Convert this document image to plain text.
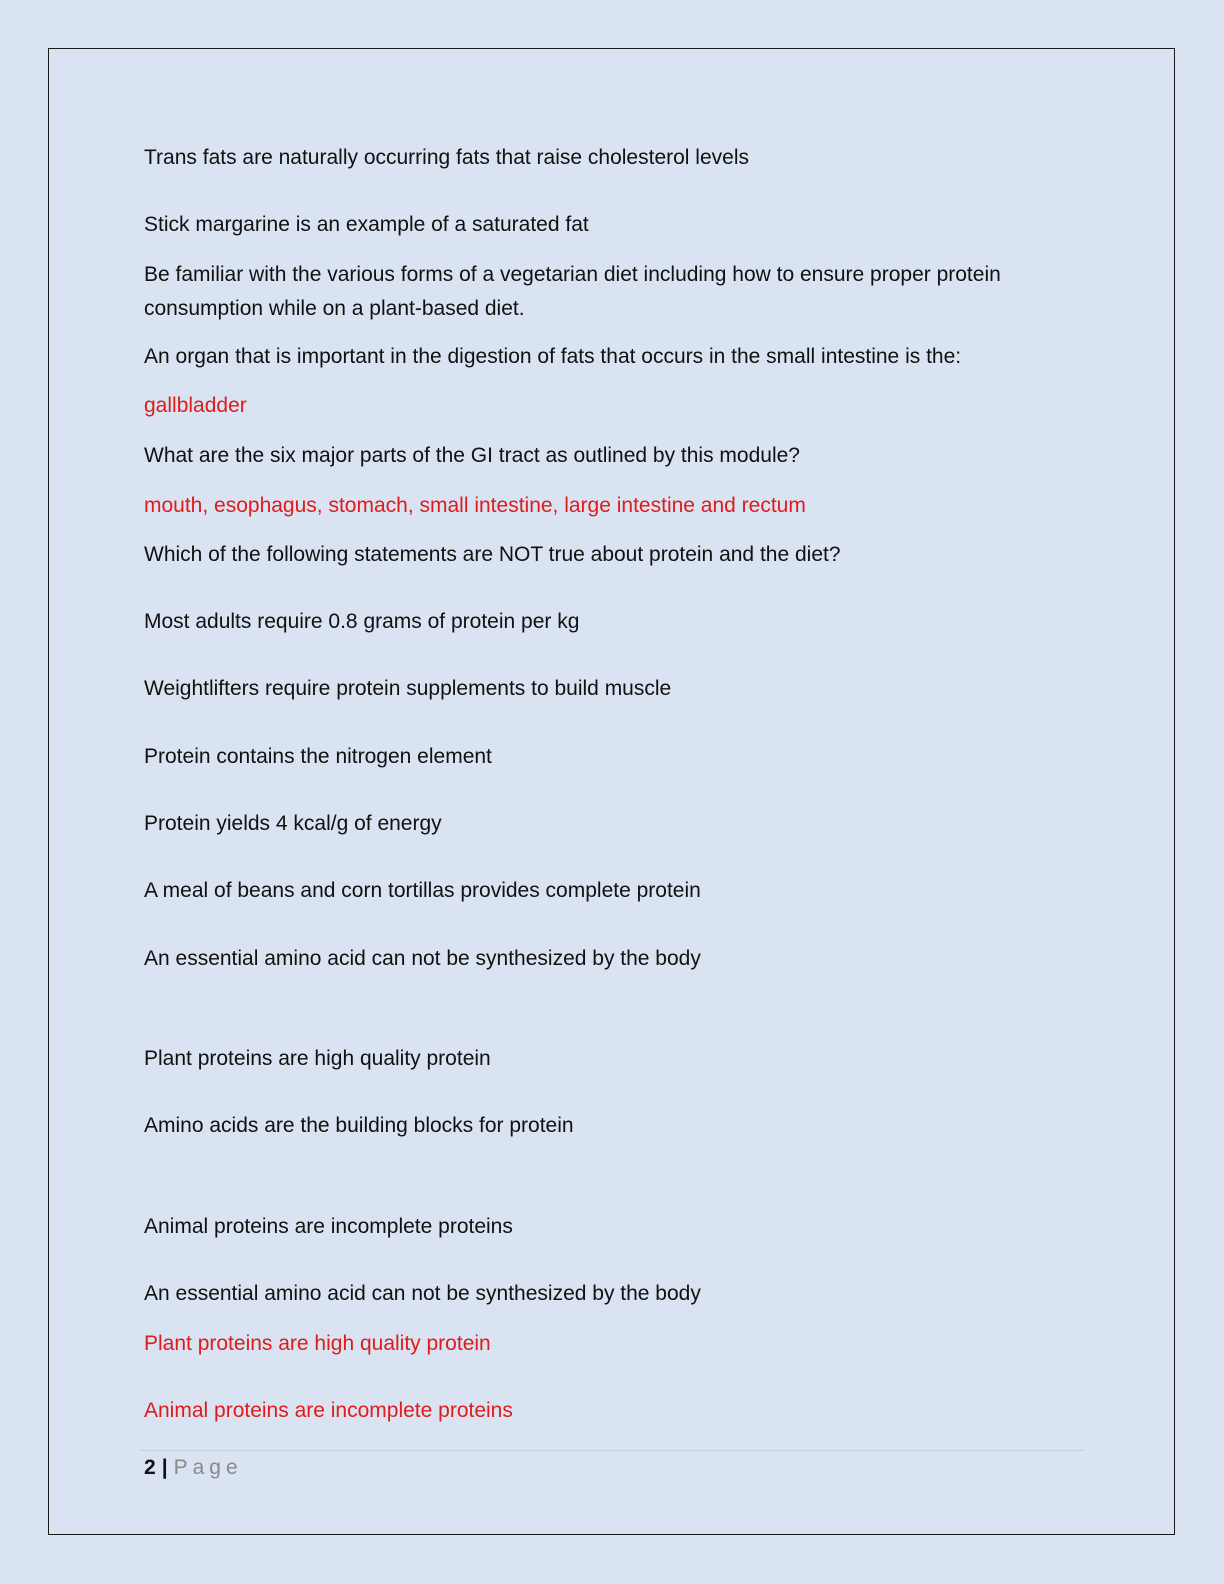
Trans fats are naturally occurring fats that raise cholesterol levels
Stick margarine is an example of a saturated fat
Be familiar with the various forms of a vegetarian diet including how to ensure proper protein consumption while on a plant-based diet.
An organ that is important in the digestion of fats that occurs in the small intestine is the:
gallbladder
What are the six major parts of the GI tract as outlined by this module?
mouth, esophagus, stomach, small intestine, large intestine and rectum
Which of the following statements are NOT true about protein and the diet?
Most adults require 0.8 grams of protein per kg
Weightlifters require protein supplements to build muscle
Protein contains the nitrogen element
Protein yields 4 kcal/g of energy
A meal of beans and corn tortillas provides complete protein
An essential amino acid can not be synthesized by the body
Plant proteins are high quality protein
Amino acids are the building blocks for protein
Animal proteins are incomplete proteins
An essential amino acid can not be synthesized by the body
Plant proteins are high quality protein
Animal proteins are incomplete proteins
2 | Page
